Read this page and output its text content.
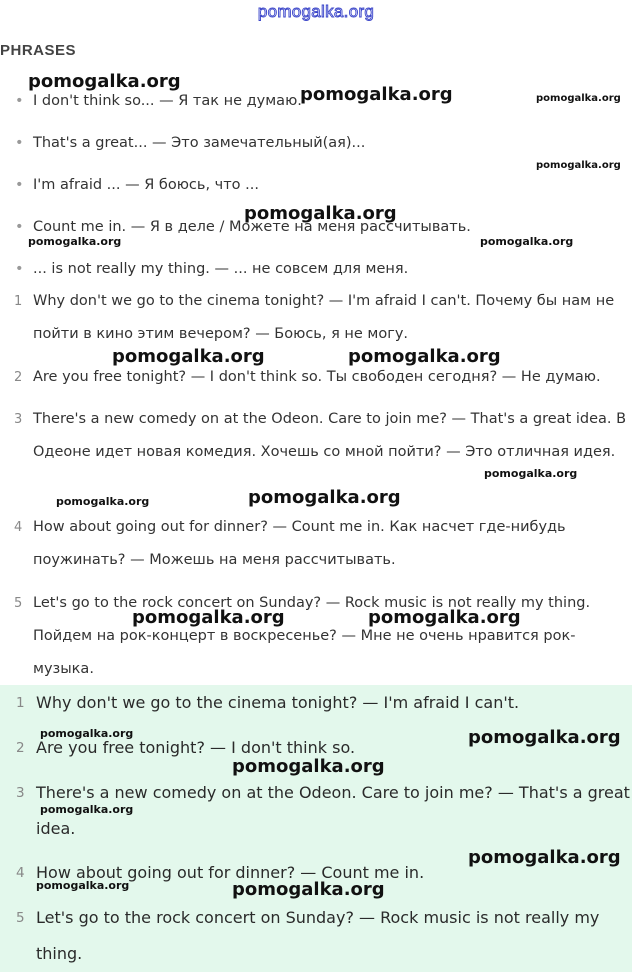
pomogalka.org
PHRASES
• I don't think so... — Я так не думаю.
• That's a great... — Это замечательный(ая)...
• I'm afraid ... — Я боюсь, что ...
• Count me in. — Я в деле / Можете на меня рассчитывать.
• ... is not really my thing. — ... не совсем для меня.
1 Why don't we go to the cinema tonight? — I'm afraid I can't. Почему бы нам не пойти в кино этим вечером? — Боюсь, я не могу.
2 Are you free tonight? — I don't think so. Ты свободен сегодня? — Не думаю.
3 There's a new comedy on at the Odeon. Care to join me? — That's a great idea. В Одеоне идет новая комедия. Хочешь со мной пойти? — Это отличная идея.
4 How about going out for dinner? — Count me in. Как насчет где-нибудь поужинать? — Можешь на меня рассчитывать.
5 Let's go to the rock concert on Sunday? — Rock music is not really my thing. Пойдем на рок-концерт в воскресенье? — Мне не очень нравится рок-музыка.
1 Why don't we go to the cinema tonight? — I'm afraid I can't.
2 Are you free tonight? — I don't think so.
3 There's a new comedy on at the Odeon. Care to join me? — That's a great idea.
4 How about going out for dinner? — Count me in.
5 Let's go to the rock concert on Sunday? — Rock music is not really my thing.
pomogalka.org
pomogalka.org	pomogalka.org
pomogalka.org
pomogalka.org
pomogalka.org	pomogalka.org
pomogalka.org	pomogalka.org
pomogalka.org
pomogalka.org
pomogalka.org
pomogalka.org	pomogalka.org
pomogalka.org	pomogalka.org
pomogalka.org
pomogalka.org
pomogalka.org
pomogalka.org	pomogalka.org
